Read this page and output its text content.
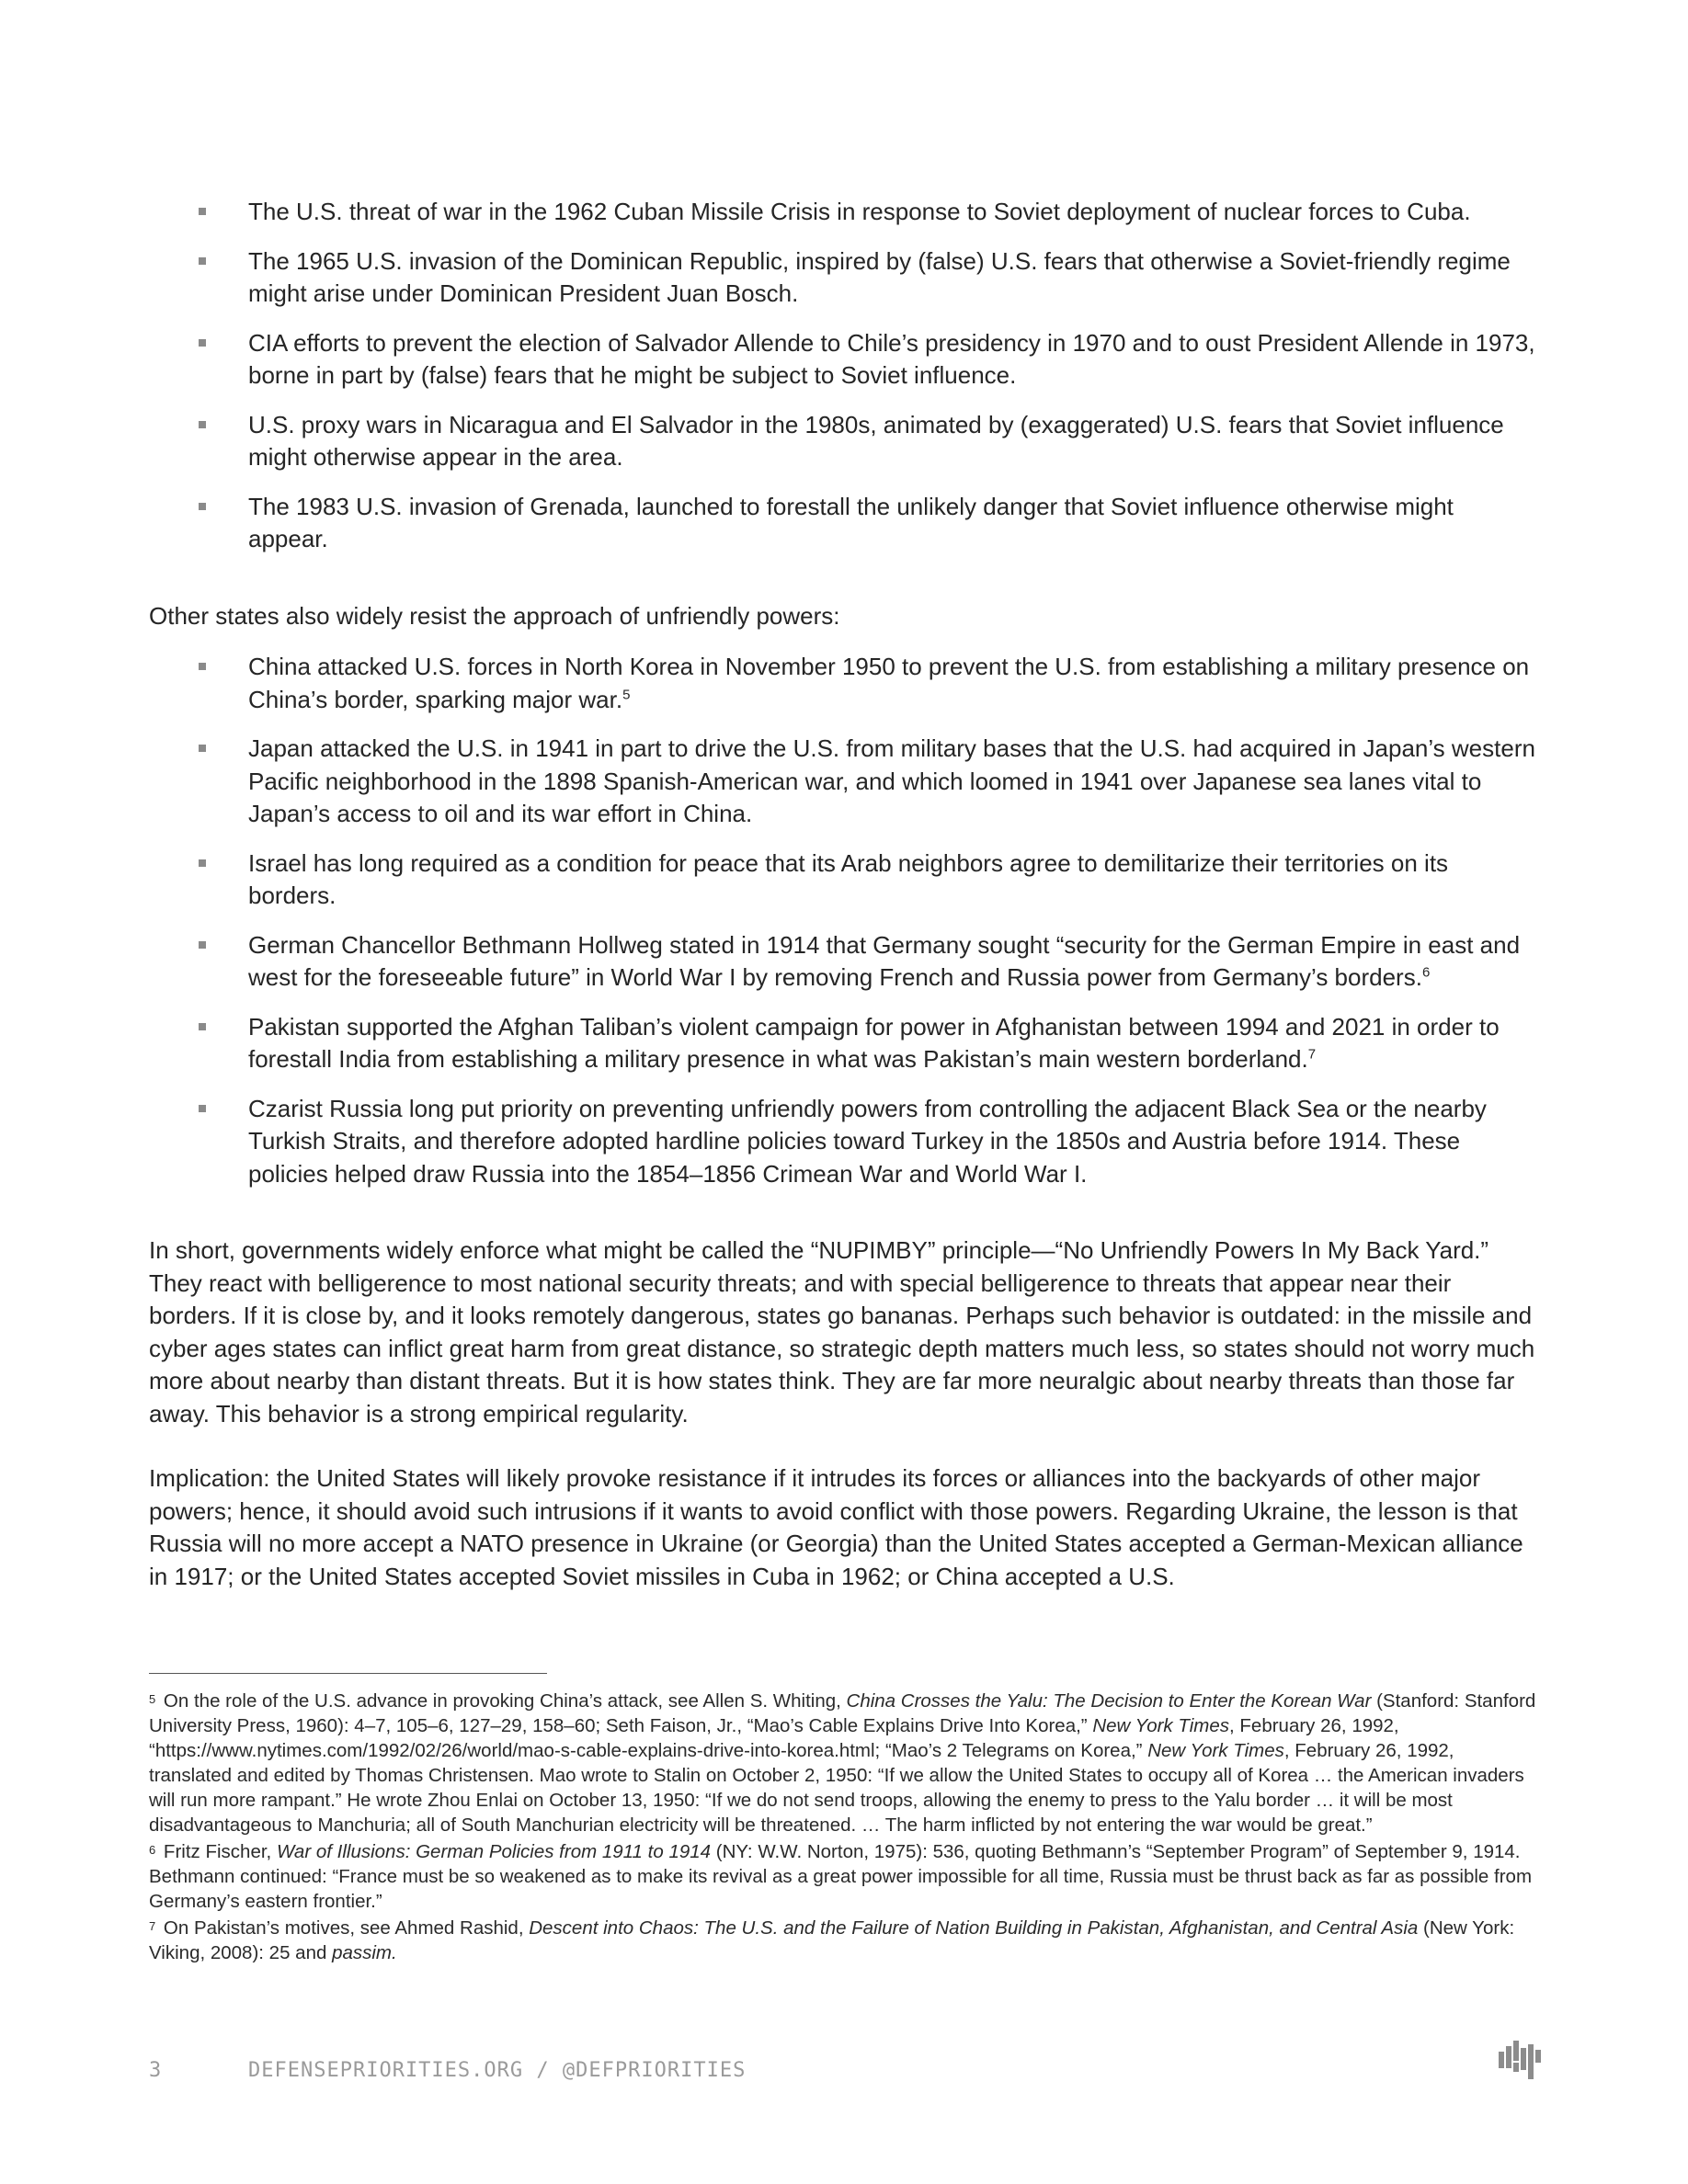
The U.S. threat of war in the 1962 Cuban Missile Crisis in response to Soviet deployment of nuclear forces to Cuba.
The 1965 U.S. invasion of the Dominican Republic, inspired by (false) U.S. fears that otherwise a Soviet-friendly regime might arise under Dominican President Juan Bosch.
CIA efforts to prevent the election of Salvador Allende to Chile’s presidency in 1970 and to oust President Allende in 1973, borne in part by (false) fears that he might be subject to Soviet influence.
U.S. proxy wars in Nicaragua and El Salvador in the 1980s, animated by (exaggerated) U.S. fears that Soviet influence might otherwise appear in the area.
The 1983 U.S. invasion of Grenada, launched to forestall the unlikely danger that Soviet influence otherwise might appear.

Other states also widely resist the approach of unfriendly powers:

China attacked U.S. forces in North Korea in November 1950 to prevent the U.S. from establishing a military presence on China’s border, sparking major war.$^5$
Japan attacked the U.S. in 1941 in part to drive the U.S. from military bases that the U.S. had acquired in Japan’s western Pacific neighborhood in the 1898 Spanish-American war, and which loomed in 1941 over Japanese sea lanes vital to Japan’s access to oil and its war effort in China.
Israel has long required as a condition for peace that its Arab neighbors agree to demilitarize their territories on its borders.
German Chancellor Bethmann Hollweg stated in 1914 that Germany sought “security for the German Empire in east and west for the foreseeable future” in World War I by removing French and Russia power from Germany’s borders.$^6$
Pakistan supported the Afghan Taliban’s violent campaign for power in Afghanistan between 1994 and 2021 in order to forestall India from establishing a military presence in what was Pakistan’s main western borderland.$^7$
Czarist Russia long put priority on preventing unfriendly powers from controlling the adjacent Black Sea or the nearby Turkish Straits, and therefore adopted hardline policies toward Turkey in the 1850s and Austria before 1914. These policies helped draw Russia into the 1854–1856 Crimean War and World War I.

In short, governments widely enforce what might be called the “NUPIMBY” principle—“No Unfriendly Powers In My Back Yard.” They react with belligerence to most national security threats; and with special belligerence to threats that appear near their borders. If it is close by, and it looks remotely dangerous, states go bananas. Perhaps such behavior is outdated: in the missile and cyber ages states can inflict great harm from great distance, so strategic depth matters much less, so states should not worry much more about nearby than distant threats. But it is how states think. They are far more neuralgic about nearby threats than those far away. This behavior is a strong empirical regularity.

Implication: the United States will likely provoke resistance if it intrudes its forces or alliances into the backyards of other major powers; hence, it should avoid such intrusions if it wants to avoid conflict with those powers. Regarding Ukraine, the lesson is that Russia will no more accept a NATO presence in Ukraine (or Georgia) than the United States accepted a German-Mexican alliance in 1917; or the United States accepted Soviet missiles in Cuba in 1962; or China accepted a U.S.

5 On the role of the U.S. advance in provoking China’s attack, see Allen S. Whiting, China Crosses the Yalu: The Decision to Enter the Korean War (Stanford: Stanford University Press, 1960): 4–7, 105–6, 127–29, 158–60; Seth Faison, Jr., “Mao’s Cable Explains Drive Into Korea,” New York Times, February 26, 1992, “https://www.nytimes.com/1992/02/26/world/mao-s-cable-explains-drive-into-korea.html; “Mao’s 2 Telegrams on Korea,” New York Times, February 26, 1992, translated and edited by Thomas Christensen. Mao wrote to Stalin on October 2, 1950: “If we allow the United States to occupy all of Korea … the American invaders will run more rampant.” He wrote Zhou Enlai on October 13, 1950: “If we do not send troops, allowing the enemy to press to the Yalu border … it will be most disadvantageous to Manchuria; all of South Manchurian electricity will be threatened. … The harm inflicted by not entering the war would be great.”

6 Fritz Fischer, War of Illusions: German Policies from 1911 to 1914 (NY: W.W. Norton, 1975): 536, quoting Bethmann’s “September Program” of September 9, 1914. Bethmann continued: “France must be so weakened as to make its revival as a great power impossible for all time, Russia must be thrust back as far as possible from Germany’s eastern frontier.”

7 On Pakistan’s motives, see Ahmed Rashid, Descent into Chaos: The U.S. and the Failure of Nation Building in Pakistan, Afghanistan, and Central Asia (New York: Viking, 2008): 25 and passim.

3	DEFENSEPRIORITIES.ORG / @DEFPRIORITIES
